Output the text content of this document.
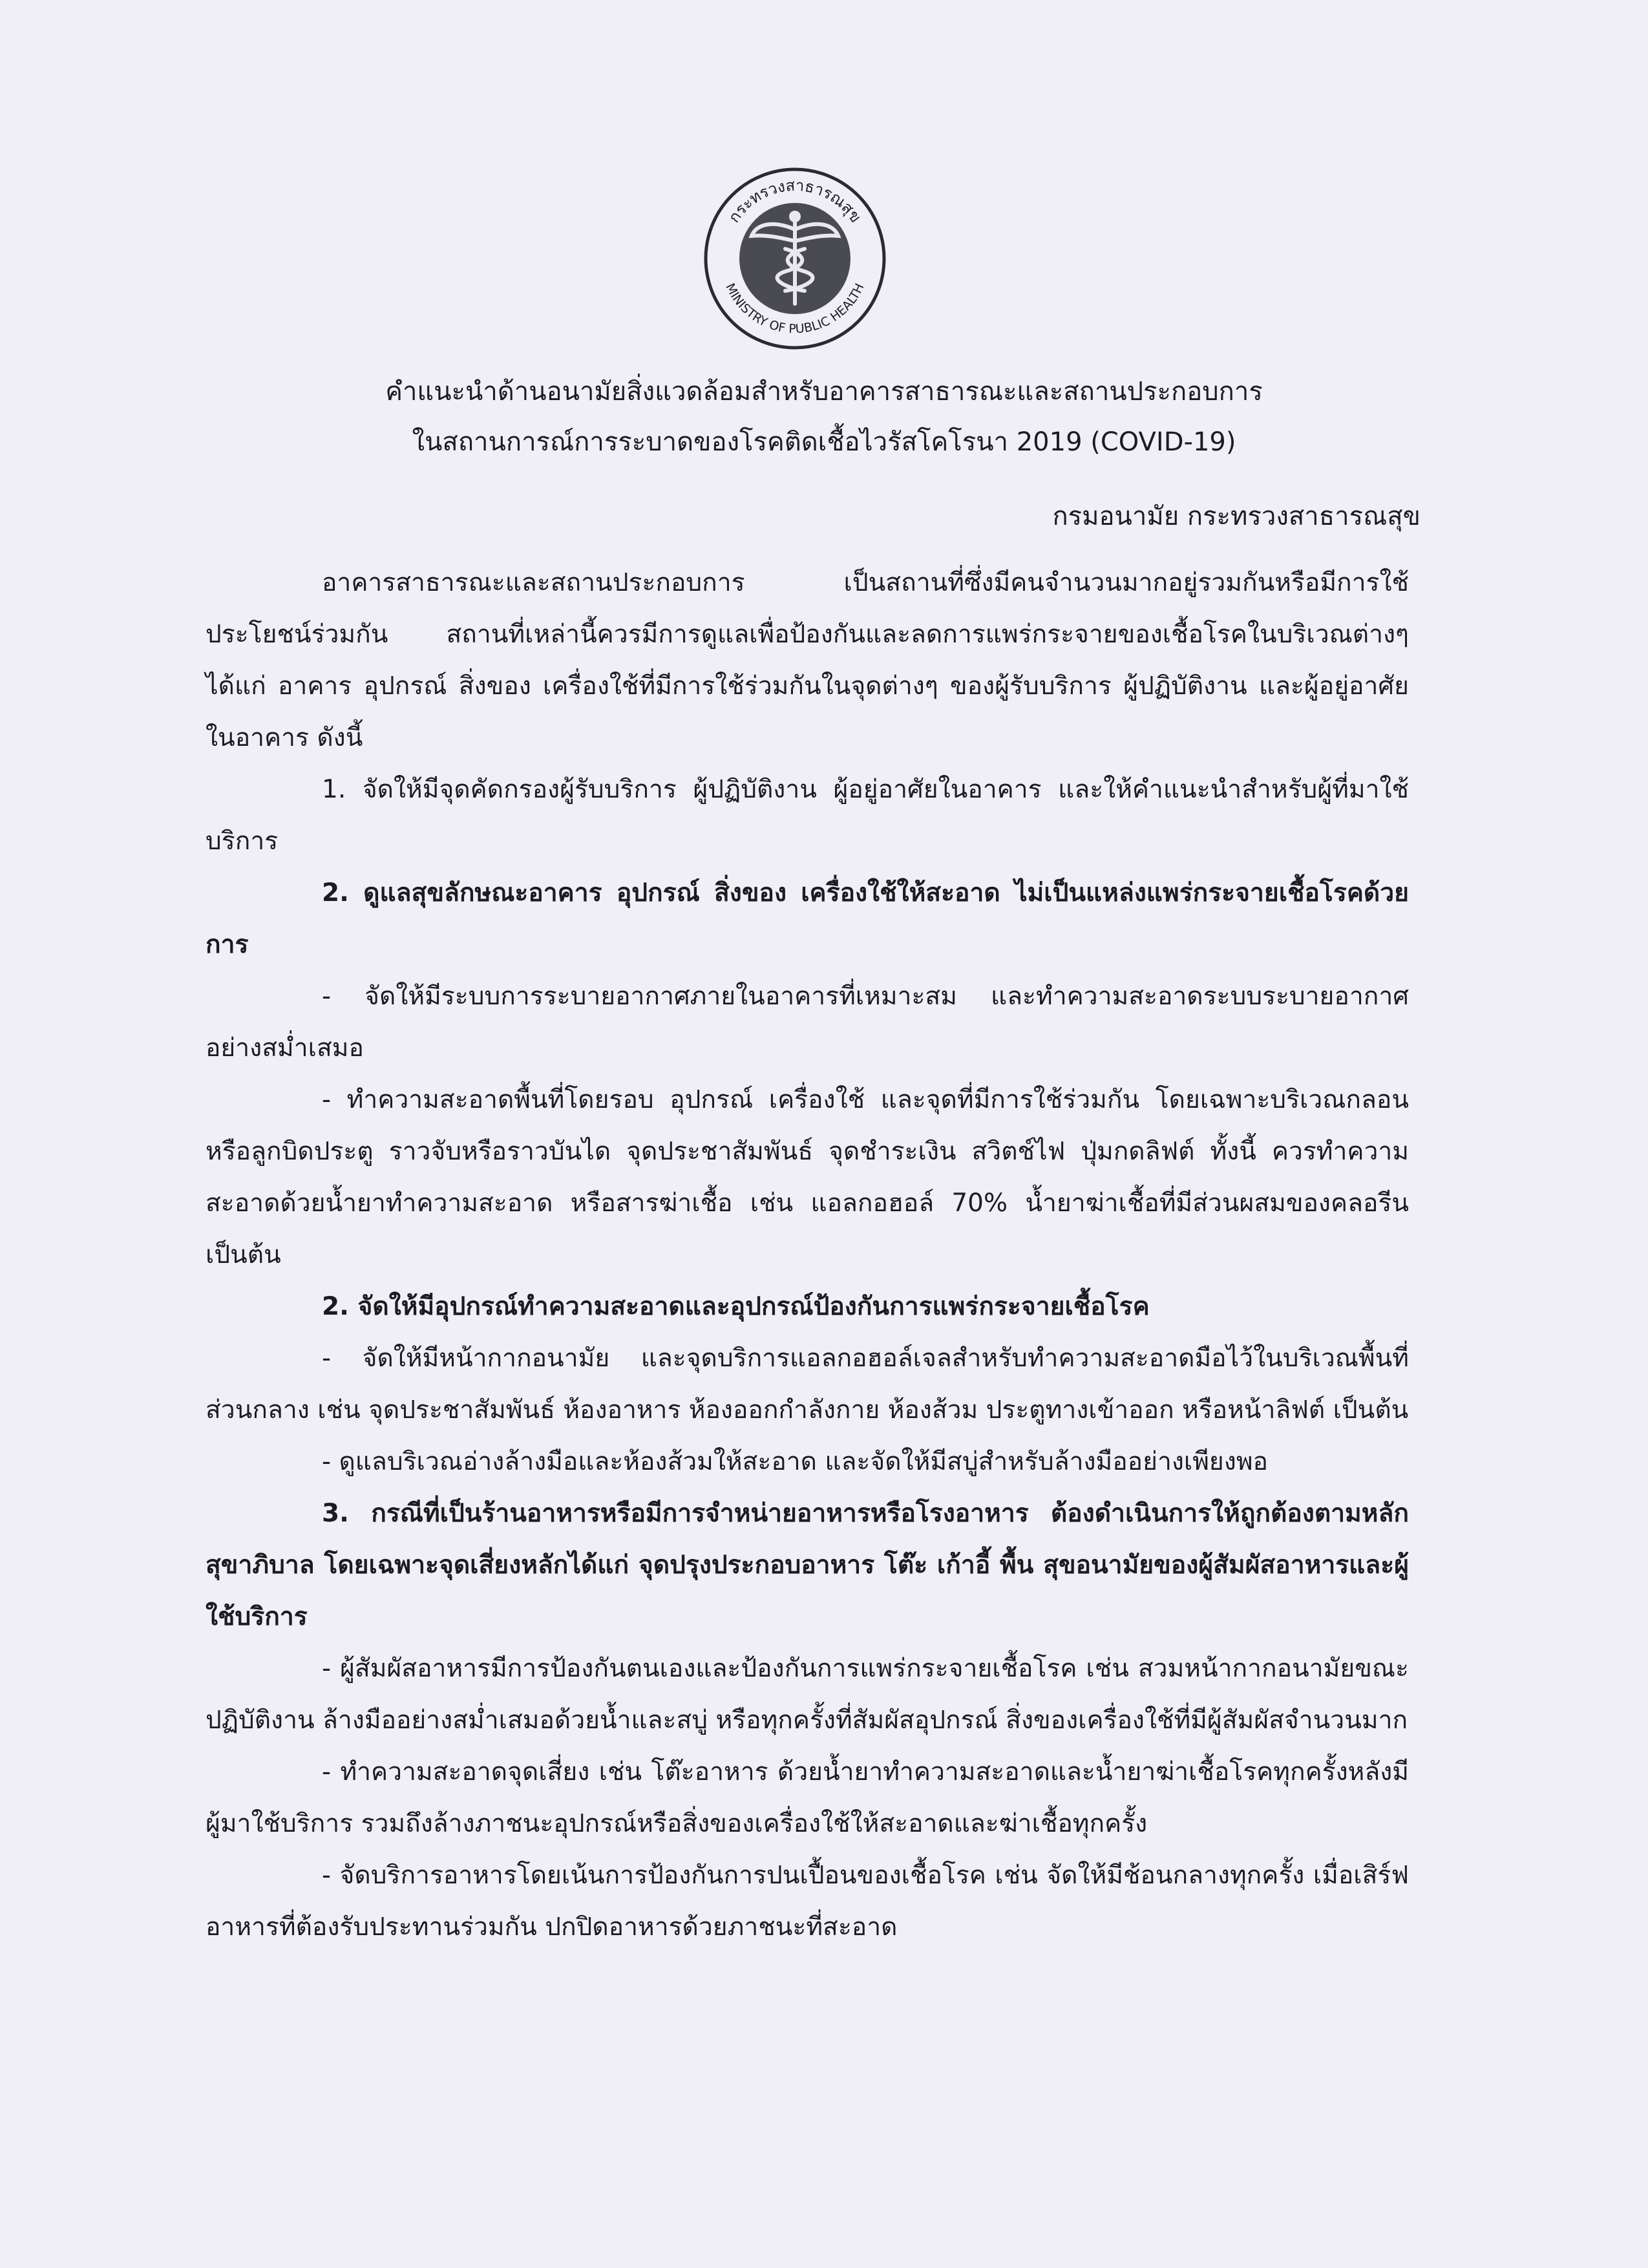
กระทรวงสาธารณสุข
MINISTRY OF PUBLIC HEALTH
คำแนะนำด้านอนามัยสิ่งแวดล้อมสำหรับอาคารสาธารณะและสถานประกอบการ
ในสถานการณ์การระบาดของโรคติดเชื้อไวรัสโคโรนา 2019 (COVID-19)
กรมอนามัย กระทรวงสาธารณสุข

อาคารสาธารณะและสถานประกอบการ เป็นสถานที่ซึ่งมีคนจำนวนมากอยู่รวมกันหรือมีการใช้ประโยชน์ร่วมกัน สถานที่เหล่านี้ควรมีการดูแลเพื่อป้องกันและลดการแพร่กระจายของเชื้อโรคในบริเวณต่างๆ ได้แก่ อาคาร อุปกรณ์ สิ่งของ เครื่องใช้ที่มีการใช้ร่วมกันในจุดต่างๆ ของผู้รับบริการ ผู้ปฏิบัติงาน และผู้อยู่อาศัยในอาคาร ดังนี้

1. จัดให้มีจุดคัดกรองผู้รับบริการ ผู้ปฏิบัติงาน ผู้อยู่อาศัยในอาคาร และให้คำแนะนำสำหรับผู้ที่มาใช้บริการ

2. ดูแลสุขลักษณะอาคาร อุปกรณ์ สิ่งของ เครื่องใช้ให้สะอาด ไม่เป็นแหล่งแพร่กระจายเชื้อโรคด้วยการ

- จัดให้มีระบบการระบายอากาศภายในอาคารที่เหมาะสม และทำความสะอาดระบบระบายอากาศอย่างสม่ำเสมอ

- ทำความสะอาดพื้นที่โดยรอบ อุปกรณ์ เครื่องใช้ และจุดที่มีการใช้ร่วมกัน โดยเฉพาะบริเวณกลอนหรือลูกบิดประตู ราวจับหรือราวบันได จุดประชาสัมพันธ์ จุดชำระเงิน สวิตช์ไฟ ปุ่มกดลิฟต์ ทั้งนี้ ควรทำความสะอาดด้วยน้ำยาทำความสะอาด หรือสารฆ่าเชื้อ เช่น แอลกอฮอล์ 70% น้ำยาฆ่าเชื้อที่มีส่วนผสมของคลอรีน เป็นต้น

2. จัดให้มีอุปกรณ์ทำความสะอาดและอุปกรณ์ป้องกันการแพร่กระจายเชื้อโรค

- จัดให้มีหน้ากากอนามัย และจุดบริการแอลกอฮอล์เจลสำหรับทำความสะอาดมือไว้ในบริเวณพื้นที่ส่วนกลาง เช่น จุดประชาสัมพันธ์ ห้องอาหาร ห้องออกกำลังกาย ห้องส้วม ประตูทางเข้าออก หรือหน้าลิฟต์ เป็นต้น

- ดูแลบริเวณอ่างล้างมือและห้องส้วมให้สะอาด และจัดให้มีสบู่สำหรับล้างมืออย่างเพียงพอ

3. กรณีที่เป็นร้านอาหารหรือมีการจำหน่ายอาหารหรือโรงอาหาร ต้องดำเนินการให้ถูกต้องตามหลักสุขาภิบาล โดยเฉพาะจุดเสี่ยงหลักได้แก่ จุดปรุงประกอบอาหาร โต๊ะ เก้าอี้ พื้น สุขอนามัยของผู้สัมผัสอาหารและผู้ใช้บริการ

- ผู้สัมผัสอาหารมีการป้องกันตนเองและป้องกันการแพร่กระจายเชื้อโรค เช่น สวมหน้ากากอนามัยขณะปฏิบัติงาน ล้างมืออย่างสม่ำเสมอด้วยน้ำและสบู่ หรือทุกครั้งที่สัมผัสอุปกรณ์ สิ่งของเครื่องใช้ที่มีผู้สัมผัสจำนวนมาก

- ทำความสะอาดจุดเสี่ยง เช่น โต๊ะอาหาร ด้วยน้ำยาทำความสะอาดและน้ำยาฆ่าเชื้อโรคทุกครั้งหลังมีผู้มาใช้บริการ รวมถึงล้างภาชนะอุปกรณ์หรือสิ่งของเครื่องใช้ให้สะอาดและฆ่าเชื้อทุกครั้ง

- จัดบริการอาหารโดยเน้นการป้องกันการปนเปื้อนของเชื้อโรค เช่น จัดให้มีช้อนกลางทุกครั้ง เมื่อเสิร์ฟอาหารที่ต้องรับประทานร่วมกัน ปกปิดอาหารด้วยภาชนะที่สะอาด
